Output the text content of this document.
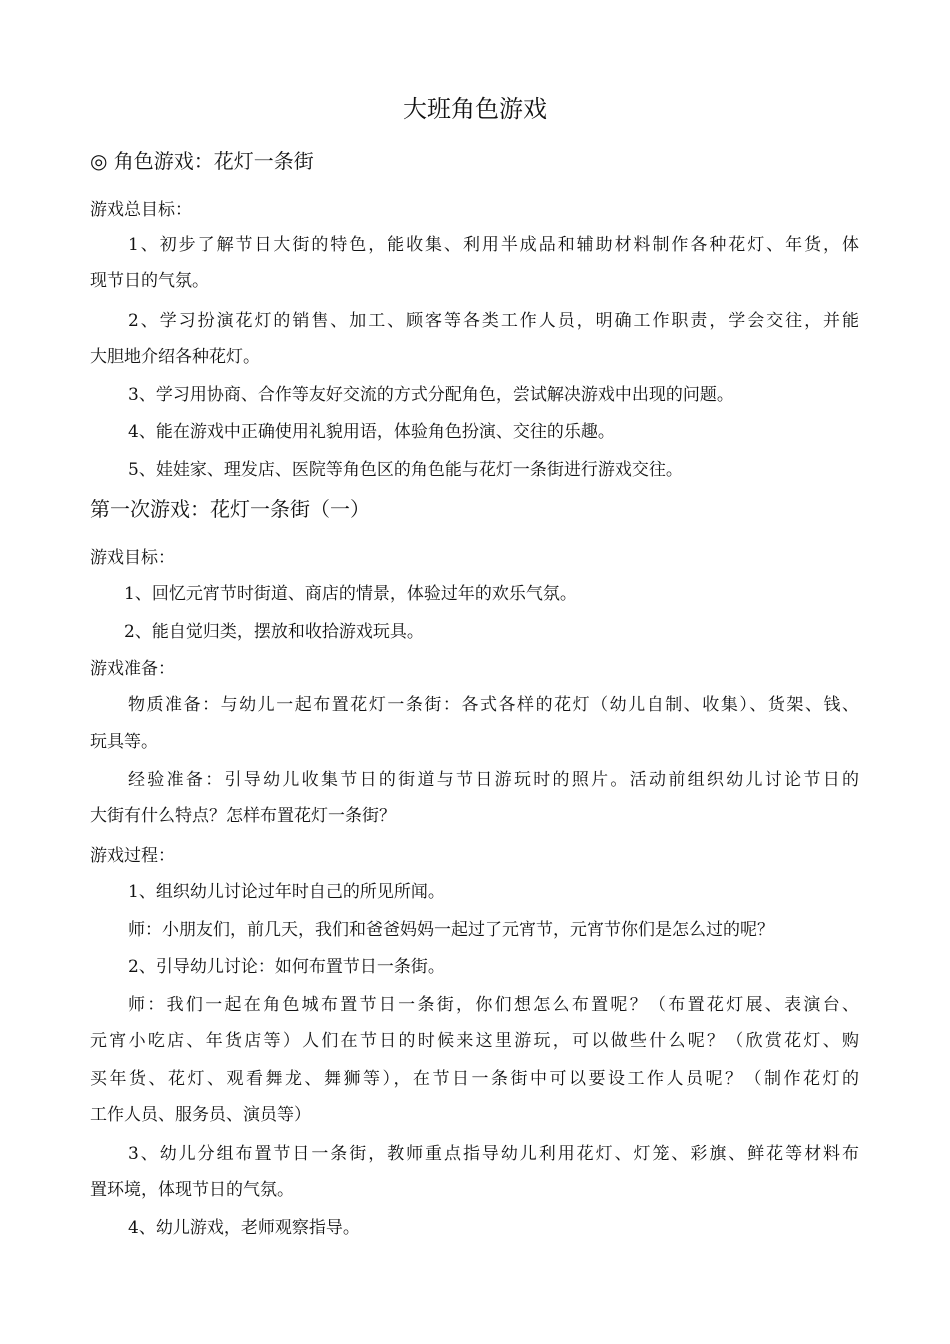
大班角色游戏

◎ 角色游戏：花灯一条街

游戏总目标：

1、初步了解节日大街的特色，能收集、利用半成品和辅助材料制作各种花灯、年货，体

现节日的气氛。

2、学习扮演花灯的销售、加工、顾客等各类工作人员，明确工作职责，学会交往，并能

大胆地介绍各种花灯。

3、学习用协商、合作等友好交流的方式分配角色，尝试解决游戏中出现的问题。

4、能在游戏中正确使用礼貌用语，体验角色扮演、交往的乐趣。

5、娃娃家、理发店、医院等角色区的角色能与花灯一条街进行游戏交往。

第一次游戏：花灯一条街（一）

游戏目标：

1、回忆元宵节时街道、商店的情景，体验过年的欢乐气氛。

2、能自觉归类，摆放和收拾游戏玩具。

游戏准备：

物质准备：与幼儿一起布置花灯一条街：各式各样的花灯（幼儿自制、收集）、货架、钱、

玩具等。

经验准备：引导幼儿收集节日的街道与节日游玩时的照片。活动前组织幼儿讨论节日的

大街有什么特点？怎样布置花灯一条街？

游戏过程：

1、组织幼儿讨论过年时自己的所见所闻。

师：小朋友们，前几天，我们和爸爸妈妈一起过了元宵节，元宵节你们是怎么过的呢？

2、引导幼儿讨论：如何布置节日一条街。

师：我们一起在角色城布置节日一条街，你们想怎么布置呢？（布置花灯展、表演台、

元宵小吃店、年货店等）人们在节日的时候来这里游玩，可以做些什么呢？（欣赏花灯、购

买年货、花灯、观看舞龙、舞狮等），在节日一条街中可以要设工作人员呢？（制作花灯的

工作人员、服务员、演员等）

3、幼儿分组布置节日一条街，教师重点指导幼儿利用花灯、灯笼、彩旗、鲜花等材料布

置环境，体现节日的气氛。

4、幼儿游戏，老师观察指导。
